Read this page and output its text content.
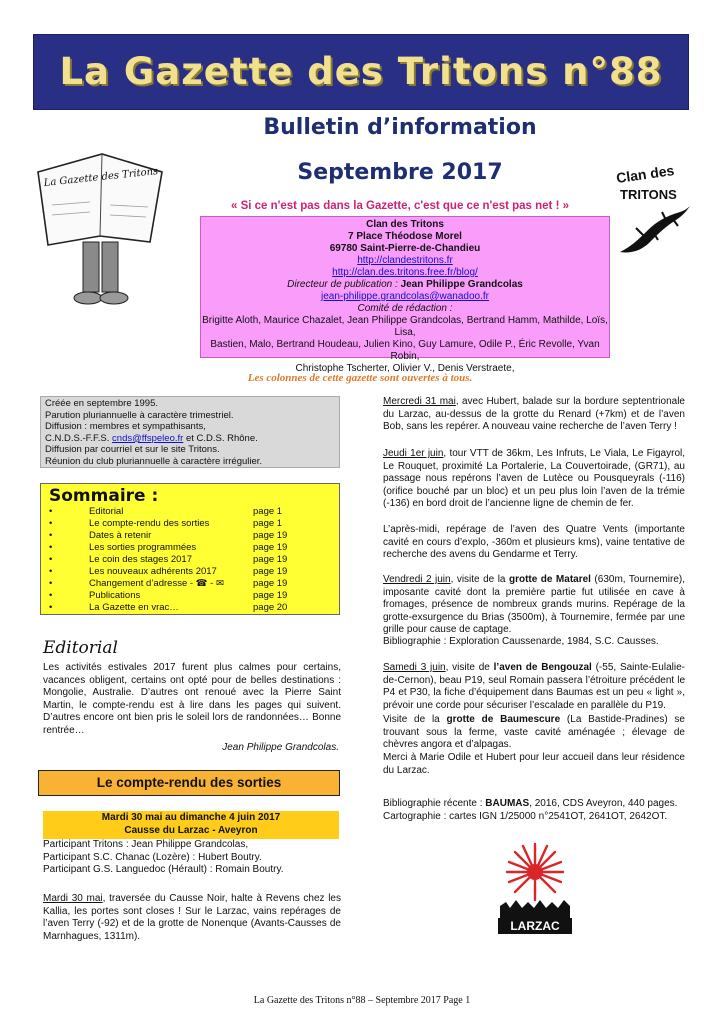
La Gazette des Tritons n°88
La Gazette des Tritons
Bulletin d’information
Septembre 2017	Clan des
TRITONS
« Si ce n'est pas dans la Gazette, c'est que ce n'est pas net ! »
Clan des Tritons
7 Place Théodose Morel
69780 Saint-Pierre-de-Chandieu
http://clandestritons.fr
http://clan.des.tritons.free.fr/blog/
Directeur de publication : Jean Philippe Grandcolas
jean-philippe.grandcolas@wanadoo.fr
Comité de rédaction :
Brigitte Aloth, Maurice Chazalet, Jean Philippe Grandcolas, Bertrand Hamm, Mathilde, Loïs, Lisa,
Bastien, Malo, Bertrand Houdeau, Julien Kino, Guy Lamure, Odile P., Éric Revolle, Yvan Robin,
Christophe Tscherter, Olivier V., Denis Verstraete,
Les colonnes de cette gazette sont ouvertes à tous.
Créée en septembre 1995.
Parution pluriannuelle à caractère trimestriel.
Diffusion : membres et sympathisants,
C.N.D.S.-F.F.S. cnds@ffspeleo.fr et C.D.S. Rhône.
Diffusion par courriel et sur le site Tritons.
Réunion du club pluriannuelle à caractère irrégulier.
Sommaire :
•	Editorial	page 1
•	Le compte-rendu des sorties	page 1
•	Dates à retenir	page 19
•	Les sorties programmées	page 19
•	Le coin des stages 2017	page 19
•	Les nouveaux adhérents 2017	page 19
•	Changement d’adresse - ☎ - ✉	page 19
•	Publications	page 19
•	La Gazette en vrac…	page 20
Editorial
Les activités estivales 2017 furent plus calmes pour certains, vacances obligent, certains ont opté pour de belles destinations : Mongolie, Australie. D’autres ont renoué avec la Pierre Saint Martin, le compte-rendu est à lire dans les pages qui suivent. D’autres encore ont bien pris le soleil lors de randonnées… Bonne rentrée…
Jean Philippe Grandcolas.
Le compte-rendu des sorties
Mardi 30 mai au dimanche 4 juin 2017
Causse du Larzac - Aveyron
Participant Tritons : Jean Philippe Grandcolas,
Participant S.C. Chanac (Lozère) : Hubert Boutry.
Participant G.S. Languedoc (Hérault) : Romain Boutry.
Mardi 30 mai, traversée du Causse Noir, halte à Revens chez les Kallia, les portes sont closes ! Sur le Larzac, vains repérages de l’aven Terry (-92) et de la grotte de Nonenque (Avants-Causses de Marnhagues, 1311m).
Mercredi 31 mai, avec Hubert, balade sur la bordure septentrionale du Larzac, au-dessus de la grotte du Renard (+7km) et de l’aven Bob, sans les repérer. A nouveau vaine recherche de l’aven Terry !
Jeudi 1er juin, tour VTT de 36km, Les Infruts, Le Viala, Le Figayrol, Le Rouquet, proximité La Portalerie, La Couvertoirade, (GR71), au passage nous repérons l’aven de Lutèce ou Pousqueyrals (-116) (orifice bouché par un bloc) et un peu plus loin l’aven de la trémie (-136) en bord droit de l’ancienne ligne de chemin de fer.
L’après-midi, repérage de l’aven des Quatre Vents (importante cavité en cours d’explo, -360m et plusieurs kms), vaine tentative de recherche des avens du Gendarme et Terry.
Vendredi 2 juin, visite de la grotte de Matarel (630m, Tournemire), imposante cavité dont la première partie fut utilisée en cave à fromages, présence de nombreux grands murins. Repérage de la grotte-exsurgence du Brias (3500m), à Tournemire, fermée par une grille pour cause de captage.
Bibliographie : Exploration Caussenarde, 1984, S.C. Causses.
Samedi 3 juin, visite de l’aven de Bengouzal (-55, Sainte-Eulalie-de-Cernon), beau P19, seul Romain passera l’étroiture précédent le P4 et P30, la fiche d’équipement dans Baumas est un peu « light », prévoir une corde pour sécuriser l’escalade en parallèle du P19.
Visite de la grotte de Baumescure (La Bastide-Pradines) se trouvant sous la ferme, vaste cavité aménagée ; élevage de chèvres angora et d’alpagas.
Merci à Marie Odile et Hubert pour leur accueil dans leur résidence du Larzac.
Bibliographie récente : BAUMAS, 2016, CDS Aveyron, 440 pages.
Cartographie : cartes IGN 1/25000 n°2541OT, 2641OT, 2642OT.
LARZAC
La Gazette des Tritons n°88 – Septembre 2017 Page 1
